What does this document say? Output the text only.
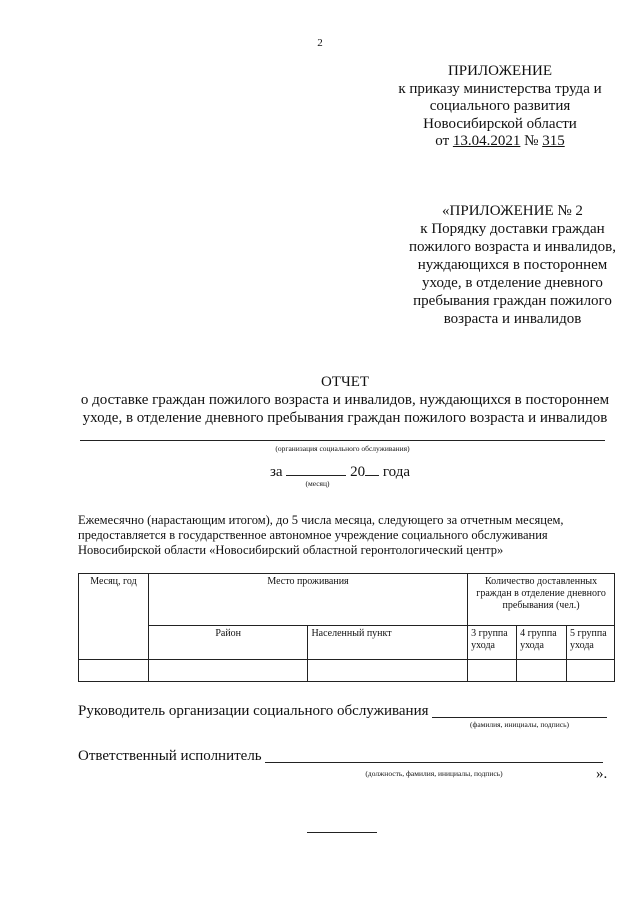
2
ПРИЛОЖЕНИЕ
к приказу министерства труда и
социального развития
Новосибирской области
от 13.04.2021 № 315
«ПРИЛОЖЕНИЕ № 2
к Порядку доставки граждан
пожилого возраста и инвалидов,
нуждающихся в постороннем
уходе, в отделение дневного
пребывания граждан пожилого
возраста и инвалидов
ОТЧЕТ
о доставке граждан пожилого возраста и инвалидов, нуждающихся в постороннем
уходе, в отделение дневного пребывания граждан пожилого возраста и инвалидов
(организация социального обслуживания)
за	20 года
(месяц)
Ежемесячно (нарастающим итогом), до 5 числа месяца, следующего за отчетным месяцем,
предоставляется в государственное автономное учреждение социального обслуживания
Новосибирской области «Новосибирский областной геронтологический центр»
Месяц, год	Место проживания		Количество доставленных граждан в отделение дневного пребывания (чел.)		
	Район	Населенный пункт	3 группа ухода	4 группа ухода	5 группа ухода

Руководитель организации социального обслуживания
(фамилия, инициалы, подпись)
Ответственный исполнитель
(должность, фамилия, инициалы, подпись)	».
